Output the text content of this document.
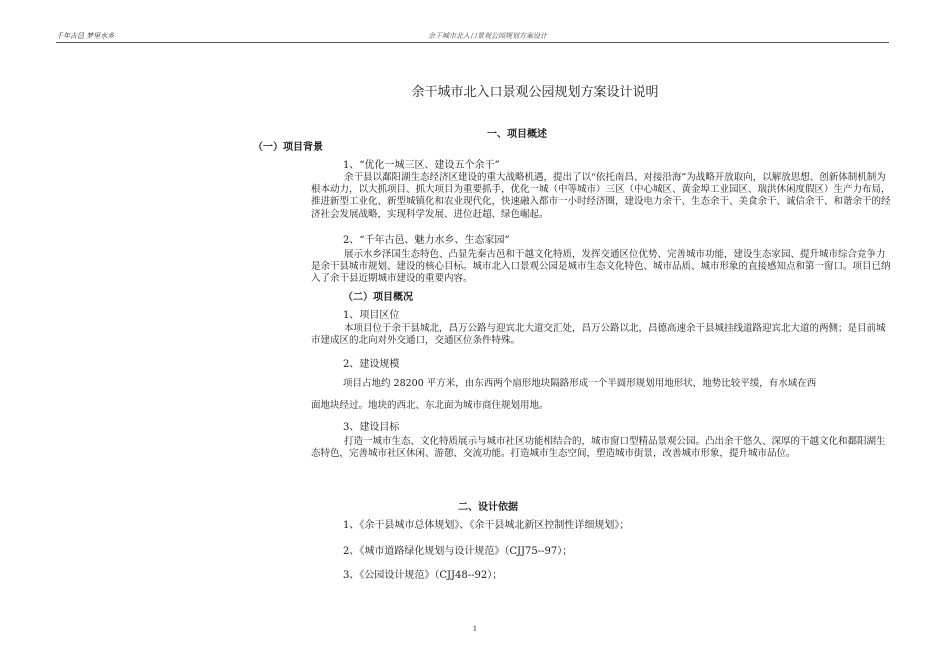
千年古邑 梦里水乡	余干城市北入口景观公园规划方案设计
余干城市北入口景观公园规划方案设计说明
一、项目概述
（一）项目背景
1、“优化一城三区、建设五个余干”
余干县以鄱阳湖生态经济区建设的重大战略机遇，提出了以“依托南昌、对接沿海”为战略开放取向，以解放思想、创新体制机制为根本动力，以大抓项目、抓大项目为重要抓手，优化一城（中等城市）三区（中心城区、黄金埠工业园区、瑞洪休闲度假区）生产力布局，推进新型工业化、新型城镇化和农业现代化，快速融入都市一小时经济圈，建设电力余干、生态余干、美食余干、诚信余干、和谐余干的经济社会发展战略，实现科学发展、进位赶超、绿色崛起。
2、“千年古邑、魅力水乡、生态家园”
展示水乡泽国生态特色、凸显先秦古邑和干越文化特质，发挥交通区位优势、完善城市功能，建设生态家园、提升城市综合竞争力是余干县城市规划、建设的核心目标。城市北入口景观公园是城市生态文化特色、城市品质、城市形象的直接感知点和第一窗口。项目已纳入了余干县近期城市建设的重要内容。
（二）项目概况
1、项目区位
本项目位于余干县城北，昌万公路与迎宾北大道交汇处，昌万公路以北，昌德高速余干县城挂线道路迎宾北大道的两侧；是目前城市建成区的北向对外交通口，交通区位条件特殊。
2、建设规模
项目占地约 28200 平方米，由东西两个扇形地块隔路形成一个半圆形规划用地形状，地势比较平缓，有水域在西
面地块经过。地块的西北、东北面为城市商住规划用地。
3、建设目标
打造一城市生态、文化特质展示与城市社区功能相结合的，城市窗口型精品景观公园。凸出余干悠久、深厚的干越文化和鄱阳湖生态特色，完善城市社区休闲、游憩、交流功能。打造城市生态空间，塑造城市街景，改善城市形象，提升城市品位。
二、设计依据
1、《余干县城市总体规划》、《余干县城北新区控制性详细规划》；
2、《城市道路绿化规划与设计规范》（CJJ75--97）；
3、《公园设计规范》（CJJ48--92）；
1
